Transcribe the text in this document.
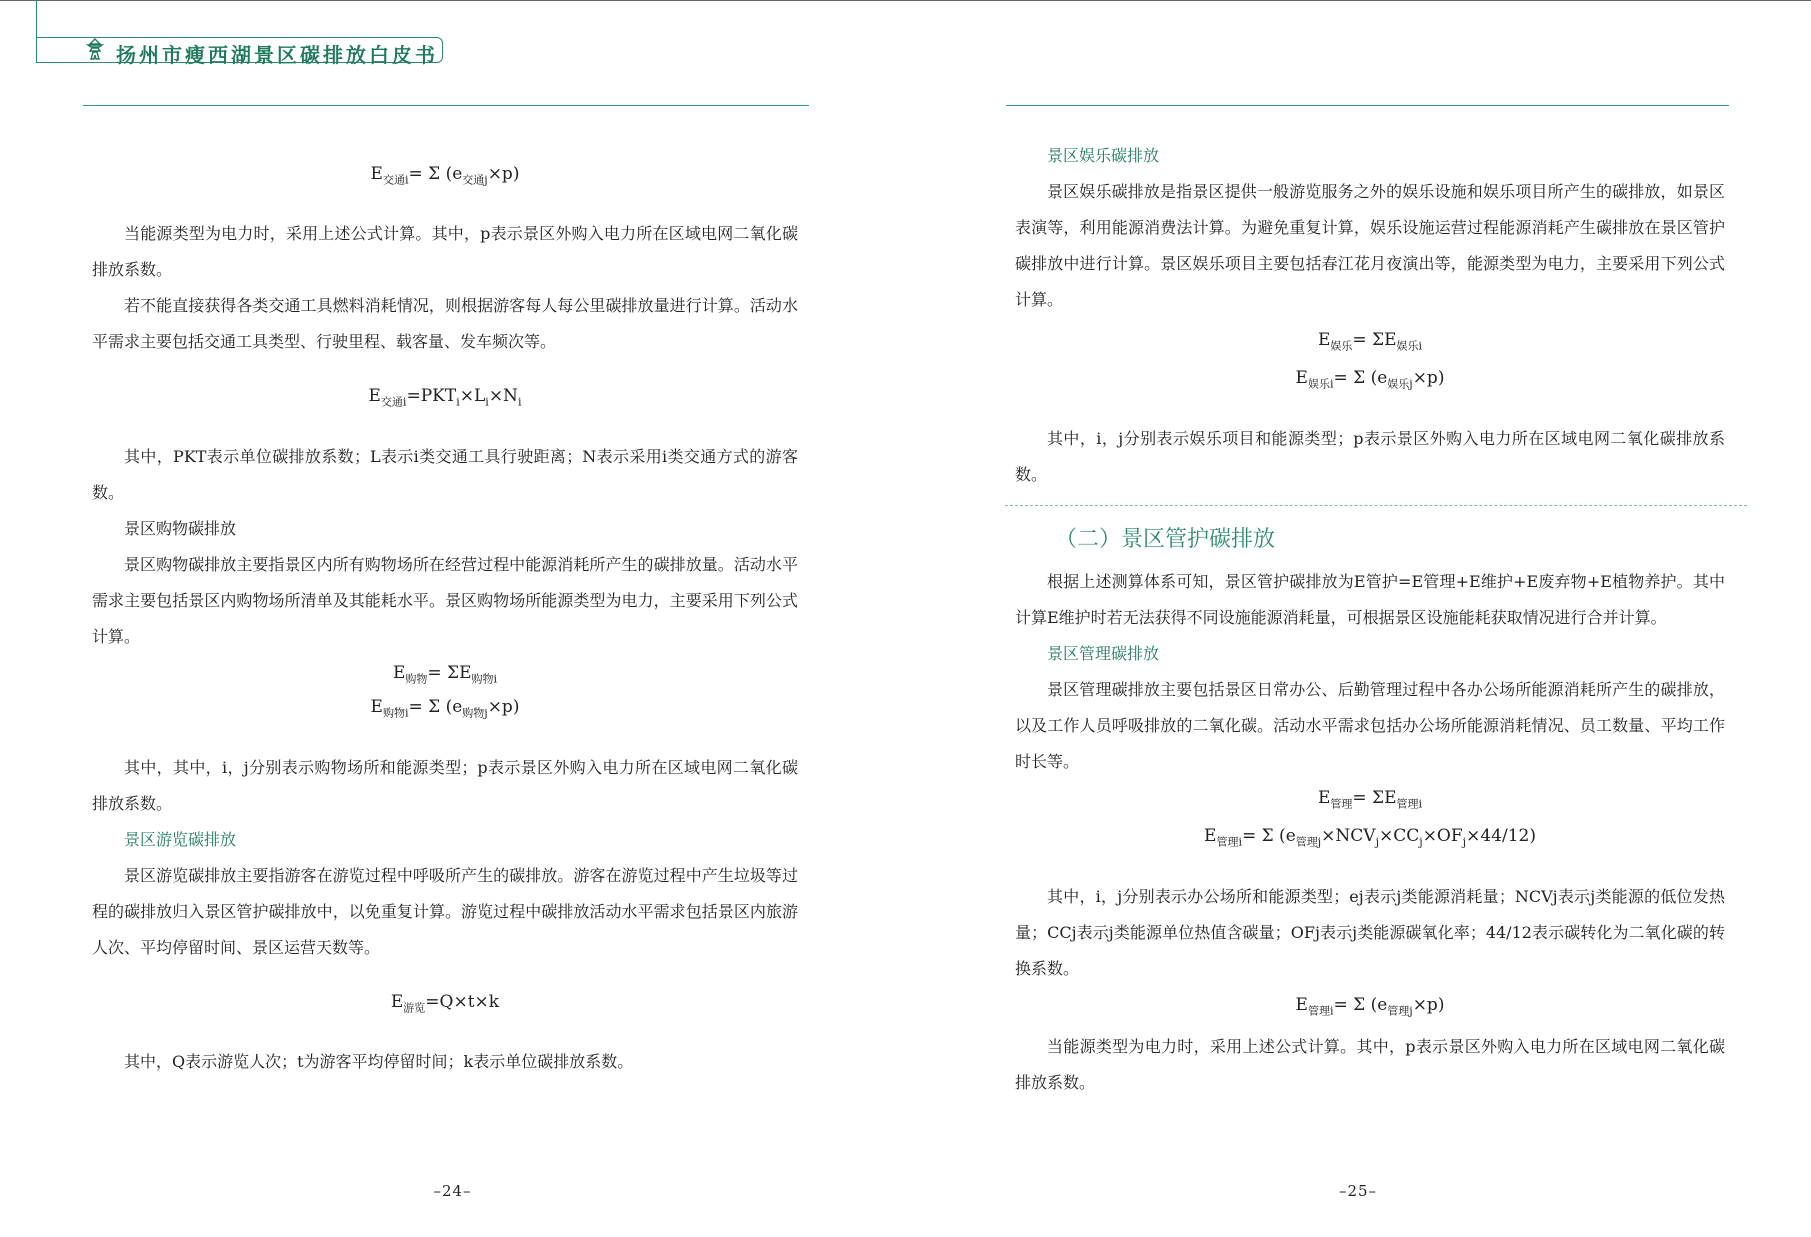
扬州市瘦西湖景区碳排放白皮书
$E_{交通i}= \Sigma$ $(e_{交通j}\times p)$

当能源类型为电力时，采用上述公式计算。其中，p表示景区外购入电力所在区域电网二氧化碳排放系数。

若不能直接获得各类交通工具燃料消耗情况，则根据游客每人每公里碳排放量进行计算。活动水平需求主要包括交通工具类型、行驶里程、载客量、发车频次等。

$E_{交通i}=PKT_i\times L_i\times N_i$

其中，PKT表示单位碳排放系数；L表示i类交通工具行驶距离；N表示采用i类交通方式的游客数。

景区购物碳排放

景区购物碳排放主要指景区内所有购物场所在经营过程中能源消耗所产生的碳排放量。活动水平需求主要包括景区内购物场所清单及其能耗水平。景区购物场所能源类型为电力，主要采用下列公式计算。

$E_{购物}= \Sigma E_{购物i}$
$E_{购物i}= \Sigma$ $(e_{购物j}\times p)$

其中，其中，i，j分别表示购物场所和能源类型；p表示景区外购入电力所在区域电网二氧化碳排放系数。

景区游览碳排放

景区游览碳排放主要指游客在游览过程中呼吸所产生的碳排放。游客在游览过程中产生垃圾等过程的碳排放归入景区管护碳排放中，以免重复计算。游览过程中碳排放活动水平需求包括景区内旅游人次、平均停留时间、景区运营天数等。

$E_{游览}=Q\times t\times k$

其中，Q表示游览人次；t为游客平均停留时间；k表示单位碳排放系数。

–24–

景区娱乐碳排放

景区娱乐碳排放是指景区提供一般游览服务之外的娱乐设施和娱乐项目所产生的碳排放，如景区表演等，利用能源消费法计算。为避免重复计算，娱乐设施运营过程能源消耗产生碳排放在景区管护碳排放中进行计算。景区娱乐项目主要包括春江花月夜演出等，能源类型为电力，主要采用下列公式计算。

$E_{娱乐}= \Sigma E_{娱乐i}$
$E_{娱乐i}= \Sigma$ $(e_{娱乐j}\times p)$

其中，i，j分别表示娱乐项目和能源类型；p表示景区外购入电力所在区域电网二氧化碳排放系数。

（二）景区管护碳排放

根据上述测算体系可知，景区管护碳排放为E管护=E管理+E维护+E废弃物+E植物养护。其中计算E维护时若无法获得不同设施能源消耗量，可根据景区设施能耗获取情况进行合并计算。

景区管理碳排放

景区管理碳排放主要包括景区日常办公、后勤管理过程中各办公场所能源消耗所产生的碳排放，以及工作人员呼吸排放的二氧化碳。活动水平需求包括办公场所能源消耗情况、员工数量、平均工作时长等。

$E_{管理}= \Sigma E_{管理i}$
$E_{管理i}= \Sigma$ $(e_{管理j}\times NCV_j\times CC_j\times OF_j\times 44/12)$

其中，i，j分别表示办公场所和能源类型；ej表示j类能源消耗量；NCVj表示j类能源的低位发热量；CCj表示j类能源单位热值含碳量；OFj表示j类能源碳氧化率；44/12表示碳转化为二氧化碳的转换系数。

$E_{管理i}= \Sigma$ $(e_{管理j}\times p)$

当能源类型为电力时，采用上述公式计算。其中，p表示景区外购入电力所在区域电网二氧化碳排放系数。

–25–
